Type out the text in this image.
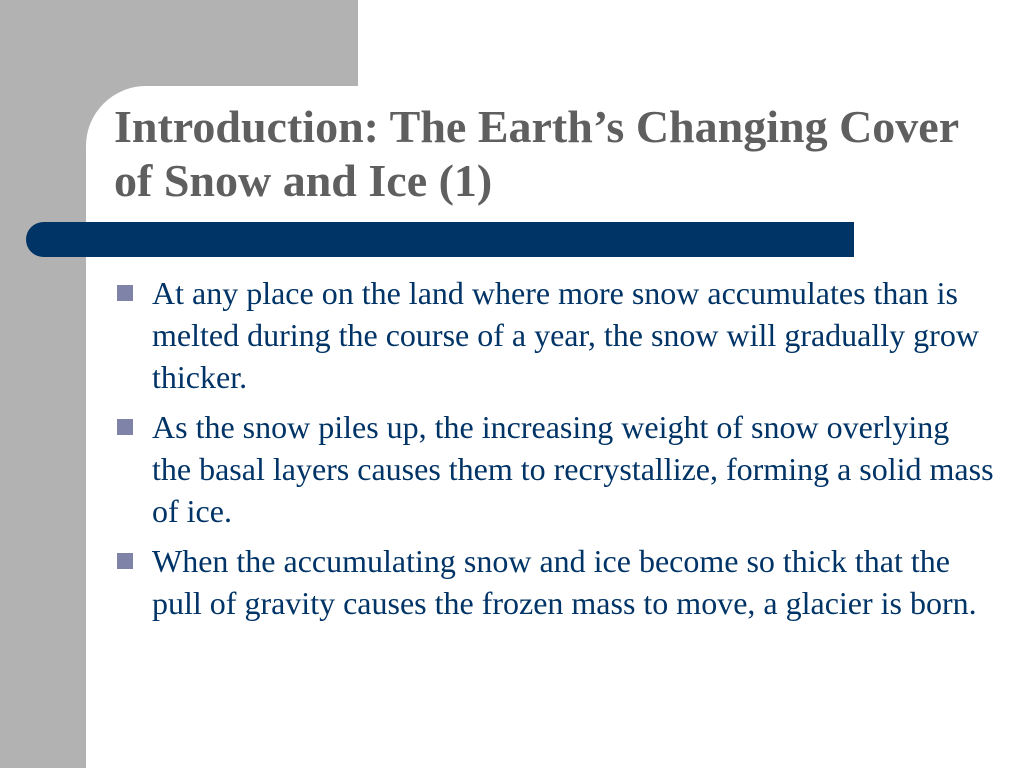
Introduction: The Earth’s Changing Cover of Snow and Ice (1)
At any place on the land where more snow accumulates than is melted during the course of a year, the snow will gradually grow thicker.
As the snow piles up, the increasing weight of snow overlying the basal layers causes them to recrystallize, forming a solid mass of ice.
When the accumulating snow and ice become so thick that the pull of gravity causes the frozen mass to move, a glacier is born.
